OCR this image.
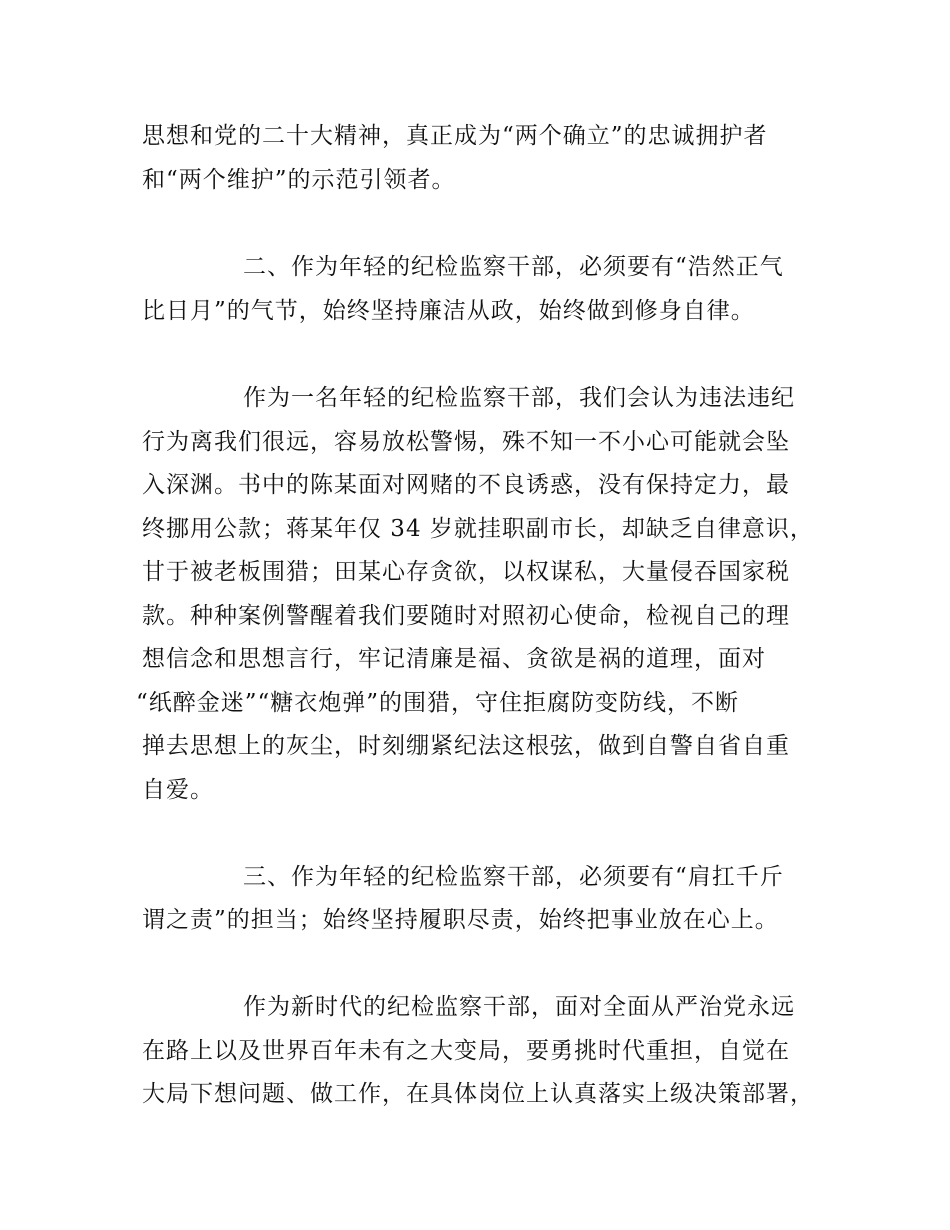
思想和党的二十大精神，真正成为“两个确立”的忠诚拥护者
和“两个维护”的示范引领者。
二、作为年轻的纪检监察干部，必须要有“浩然正气
比日月”的气节，始终坚持廉洁从政，始终做到修身自律。
作为一名年轻的纪检监察干部，我们会认为违法违纪
行为离我们很远，容易放松警惕，殊不知一不小心可能就会坠
入深渊。书中的陈某面对网赌的不良诱惑，没有保持定力，最
终挪用公款；蒋某年仅 34 岁就挂职副市长，却缺乏自律意识，
甘于被老板围猎；田某心存贪欲，以权谋私，大量侵吞国家税
款。种种案例警醒着我们要随时对照初心使命，检视自己的理
想信念和思想言行，牢记清廉是福、贪欲是祸的道理，面对
“纸醉金迷”“糖衣炮弹”的围猎，守住拒腐防变防线，不断
掸去思想上的灰尘，时刻绷紧纪法这根弦，做到自警自省自重
自爱。
三、作为年轻的纪检监察干部，必须要有“肩扛千斤
谓之责”的担当；始终坚持履职尽责，始终把事业放在心上。
作为新时代的纪检监察干部，面对全面从严治党永远
在路上以及世界百年未有之大变局，要勇挑时代重担，自觉在
大局下想问题、做工作，在具体岗位上认真落实上级决策部署，
